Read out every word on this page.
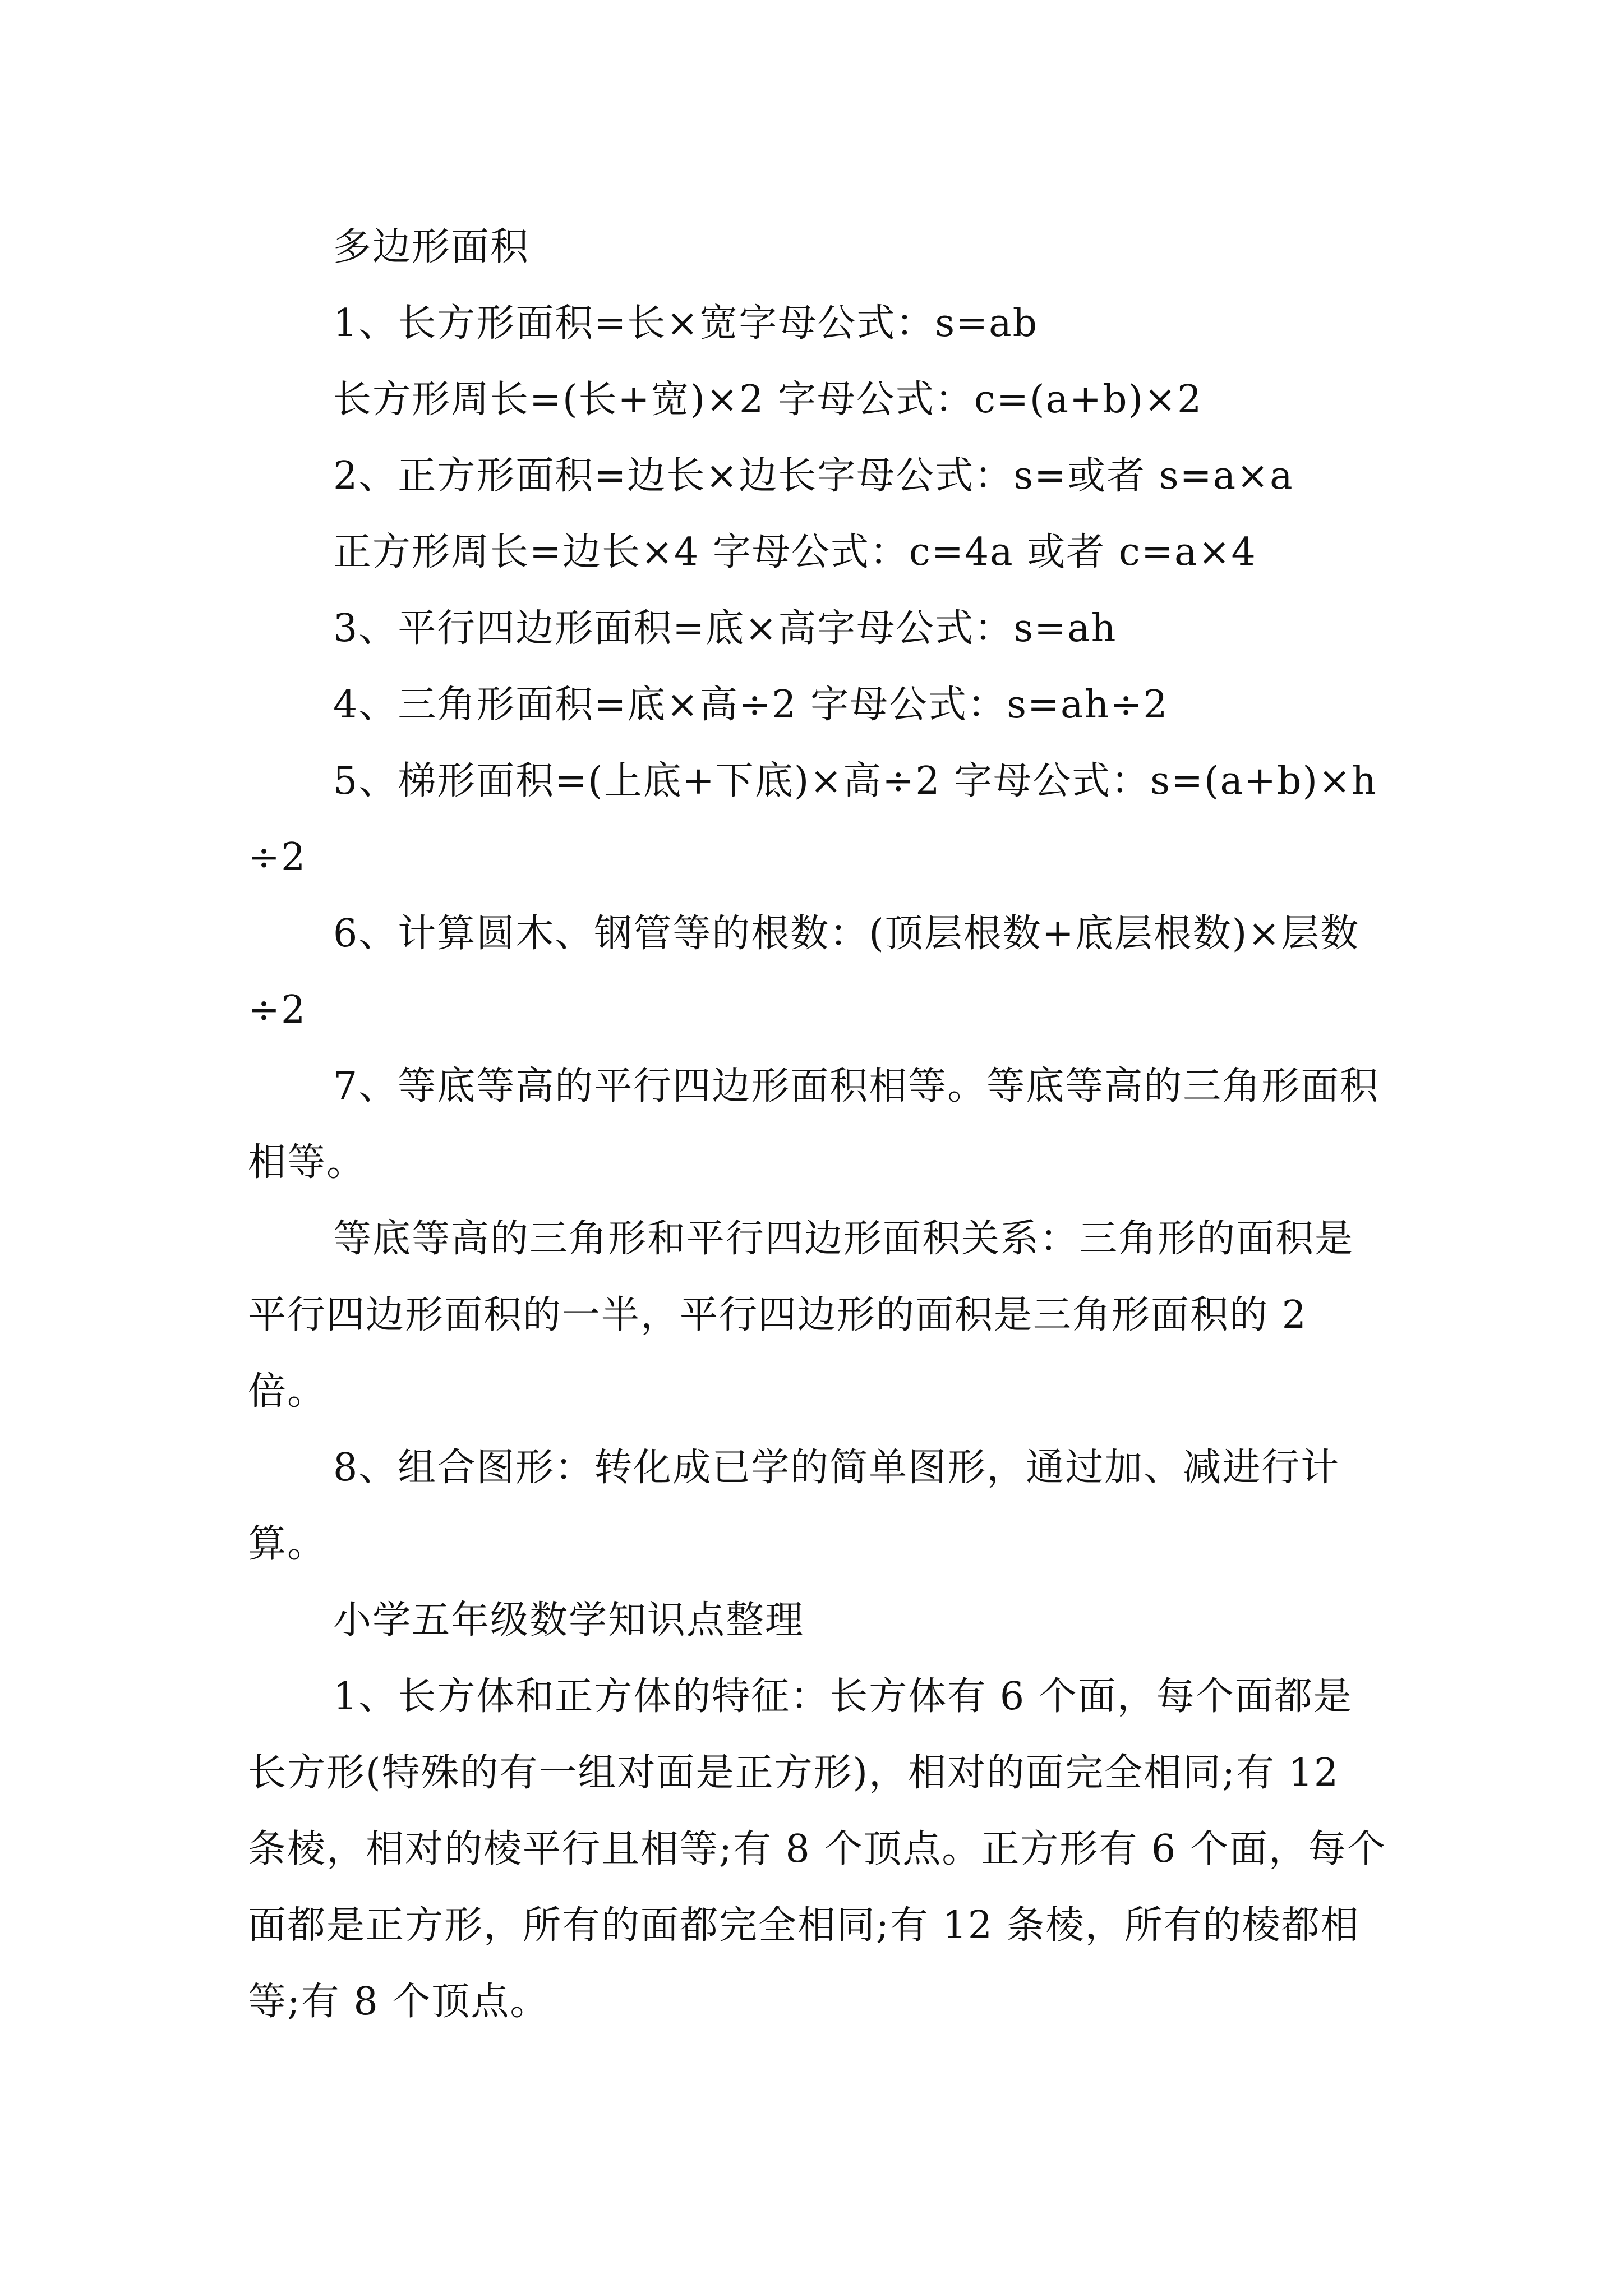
多边形面积

1、长方形面积=长×宽字母公式：s=ab

长方形周长=(长+宽)×2 字母公式：c=(a+b)×2

2、正方形面积=边长×边长字母公式：s=或者 s=a×a

正方形周长=边长×4 字母公式：c=4a 或者 c=a×4

3、平行四边形面积=底×高字母公式：s=ah

4、三角形面积=底×高÷2 字母公式：s=ah÷2

5、梯形面积=(上底+下底)×高÷2 字母公式：s=(a+b)×h÷2

6、计算圆木、钢管等的根数：(顶层根数+底层根数)×层数÷2

7、等底等高的平行四边形面积相等。等底等高的三角形面积相等。

等底等高的三角形和平行四边形面积关系：三角形的面积是平行四边形面积的一半，平行四边形的面积是三角形面积的 2 倍。

8、组合图形：转化成已学的简单图形，通过加、减进行计算。

小学五年级数学知识点整理

1、长方体和正方体的特征：长方体有 6 个面，每个面都是长方形(特殊的有一组对面是正方形)，相对的面完全相同;有 12 条棱，相对的棱平行且相等;有 8 个顶点。正方形有 6 个面，每个面都是正方形，所有的面都完全相同;有 12 条棱，所有的棱都相等;有 8 个顶点。
